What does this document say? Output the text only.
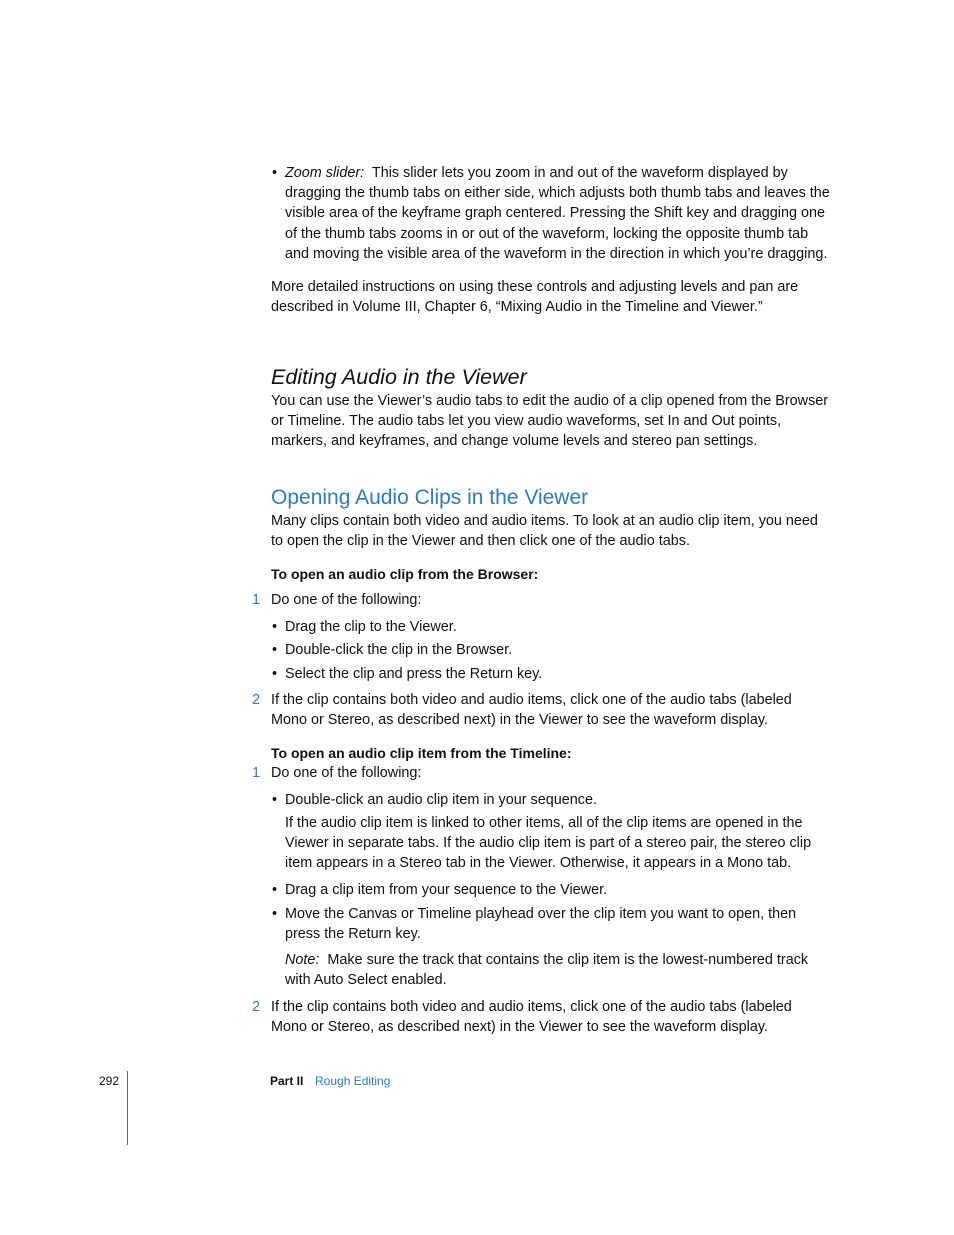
• Zoom slider: This slider lets you zoom in and out of the waveform displayed by dragging the thumb tabs on either side, which adjusts both thumb tabs and leaves the visible area of the keyframe graph centered. Pressing the Shift key and dragging one of the thumb tabs zooms in or out of the waveform, locking the opposite thumb tab and moving the visible area of the waveform in the direction in which you’re dragging.
More detailed instructions on using these controls and adjusting levels and pan are described in Volume III, Chapter 6, “Mixing Audio in the Timeline and Viewer.”
Editing Audio in the Viewer
You can use the Viewer’s audio tabs to edit the audio of a clip opened from the Browser or Timeline. The audio tabs let you view audio waveforms, set In and Out points, markers, and keyframes, and change volume levels and stereo pan settings.
Opening Audio Clips in the Viewer
Many clips contain both video and audio items. To look at an audio clip item, you need to open the clip in the Viewer and then click one of the audio tabs.
To open an audio clip from the Browser:
1 Do one of the following:
• Drag the clip to the Viewer.
• Double-click the clip in the Browser.
• Select the clip and press the Return key.
2 If the clip contains both video and audio items, click one of the audio tabs (labeled Mono or Stereo, as described next) in the Viewer to see the waveform display.
To open an audio clip item from the Timeline:
1 Do one of the following:
• Double-click an audio clip item in your sequence.
If the audio clip item is linked to other items, all of the clip items are opened in the Viewer in separate tabs. If the audio clip item is part of a stereo pair, the stereo clip item appears in a Stereo tab in the Viewer. Otherwise, it appears in a Mono tab.
• Drag a clip item from your sequence to the Viewer.
• Move the Canvas or Timeline playhead over the clip item you want to open, then press the Return key.
Note: Make sure the track that contains the clip item is the lowest-numbered track with Auto Select enabled.
2 If the clip contains both video and audio items, click one of the audio tabs (labeled Mono or Stereo, as described next) in the Viewer to see the waveform display.
292	Part II Rough Editing
